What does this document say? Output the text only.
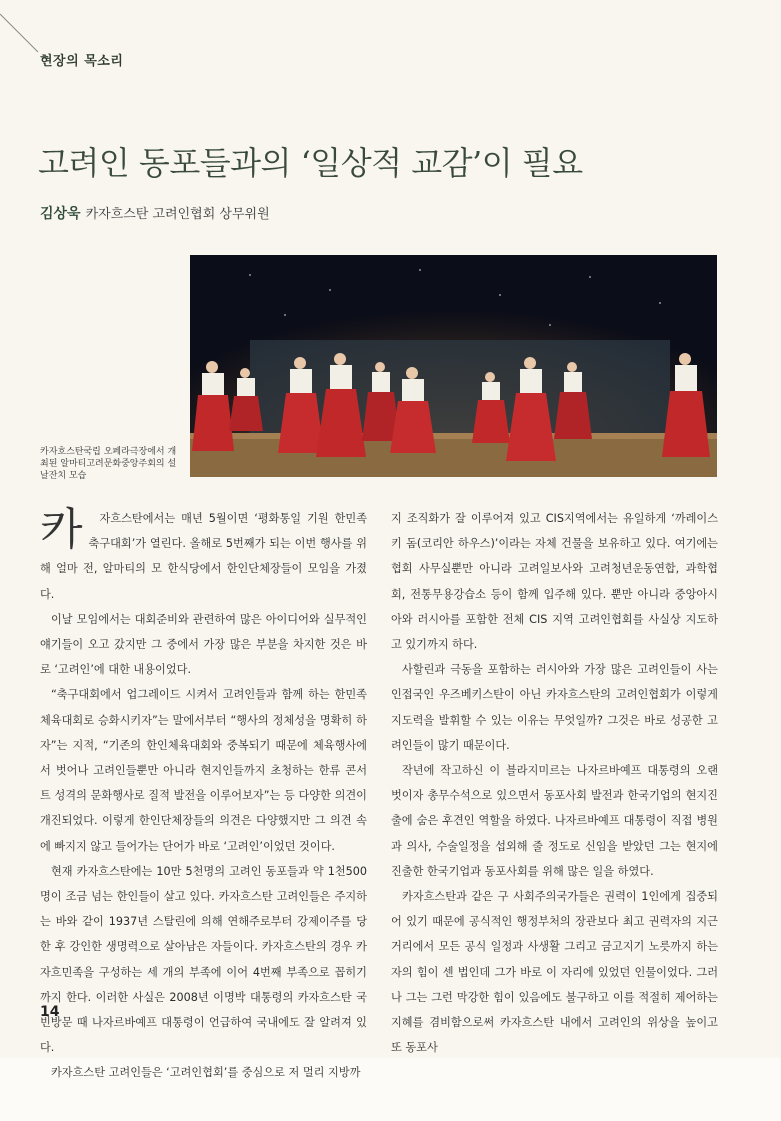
현장의 목소리
고려인 동포들과의 ‘일상적 교감’이 필요
김상욱 카자흐스탄 고려인협회 상무위원
카자흐스탄국립 오페라극장에서 개최된 알마티고려문화중앙주회의 설날잔치 모습

카 자흐스탄에서는 매년 5월이면 ‘평화통일 기원 한민족 축구대회’가 열린다. 올해로 5번째가 되는 이번 행사를 위해 얼마 전, 알마티의 모 한식당에서 한인단체장들이 모임을 가졌다.

이날 모임에서는 대회준비와 관련하여 많은 아이디어와 실무적인 얘기들이 오고 갔지만 그 중에서 가장 많은 부분을 차지한 것은 바로 ‘고려인’에 대한 내용이었다.

“축구대회에서 업그레이드 시켜서 고려인들과 함께 하는 한민족 체육대회로 승화시키자”는 말에서부터 “행사의 정체성을 명확히 하자”는 지적, “기존의 한인체육대회와 중복되기 때문에 체육행사에서 벗어나 고려인들뿐만 아니라 현지인들까지 초청하는 한류 콘서트 성격의 문화행사로 질적 발전을 이루어보자”는 등 다양한 의견이 개진되었다. 이렇게 한인단체장들의 의견은 다양했지만 그 의견 속에 빠지지 않고 들어가는 단어가 바로 ‘고려인’이었던 것이다.

현재 카자흐스탄에는 10만 5천명의 고려인 동포들과 약 1천500명이 조금 넘는 한인들이 살고 있다. 카자흐스탄 고려인들은 주지하는 바와 같이 1937년 스탈린에 의해 연해주로부터 강제이주를 당한 후 강인한 생명력으로 살아남은 자들이다. 카자흐스탄의 경우 카자흐민족을 구성하는 세 개의 부족에 이어 4번째 부족으로 꼽히기 까지 한다. 이러한 사실은 2008년 이명박 대통령의 카자흐스탄 국빈방문 때 나자르바예프 대통령이 언급하여 국내에도 잘 알려져 있다.

카자흐스탄 고려인들은 ‘고려인협회’를 중심으로 저 멀리 지방까

지 조직화가 잘 이루어져 있고 CIS지역에서는 유일하게 ‘까레이스키 돔(코리안 하우스)’이라는 자체 건물을 보유하고 있다. 여기에는 협회 사무실뿐만 아니라 고려일보사와 고려청년운동연합, 과학협회, 전통무용강습소 등이 함께 입주해 있다. 뿐만 아니라 중앙아시아와 러시아를 포함한 전체 CIS 지역 고려인협회를 사실상 지도하고 있기까지 하다.

사할린과 극동을 포함하는 러시아와 가장 많은 고려인들이 사는 인접국인 우즈베키스탄이 아닌 카자흐스탄의 고려인협회가 이렇게 지도력을 발휘할 수 있는 이유는 무엇일까? 그것은 바로 성공한 고려인들이 많기 때문이다.

작년에 작고하신 이 블라지미르는 나자르바예프 대통령의 오랜 벗이자 총무수석으로 있으면서 동포사회 발전과 한국기업의 현지진출에 숨은 후견인 역할을 하였다. 나자르바예프 대통령이 직접 병원과 의사, 수술일정을 섭외해 줄 정도로 신임을 받았던 그는 현지에 진출한 한국기업과 동포사회를 위해 많은 일을 하였다.

카자흐스탄과 같은 구 사회주의국가들은 권력이 1인에게 집중되어 있기 때문에 공식적인 행정부처의 장관보다 최고 권력자의 지근거리에서 모든 공식 일정과 사생활 그리고 금고지기 노릇까지 하는 자의 힘이 센 법인데 그가 바로 이 자리에 있었던 인물이었다. 그러나 그는 그런 막강한 힘이 있음에도 불구하고 이를 적절히 제어하는 지혜를 겸비함으로써 카자흐스탄 내에서 고려인의 위상을 높이고 또 동포사

14
